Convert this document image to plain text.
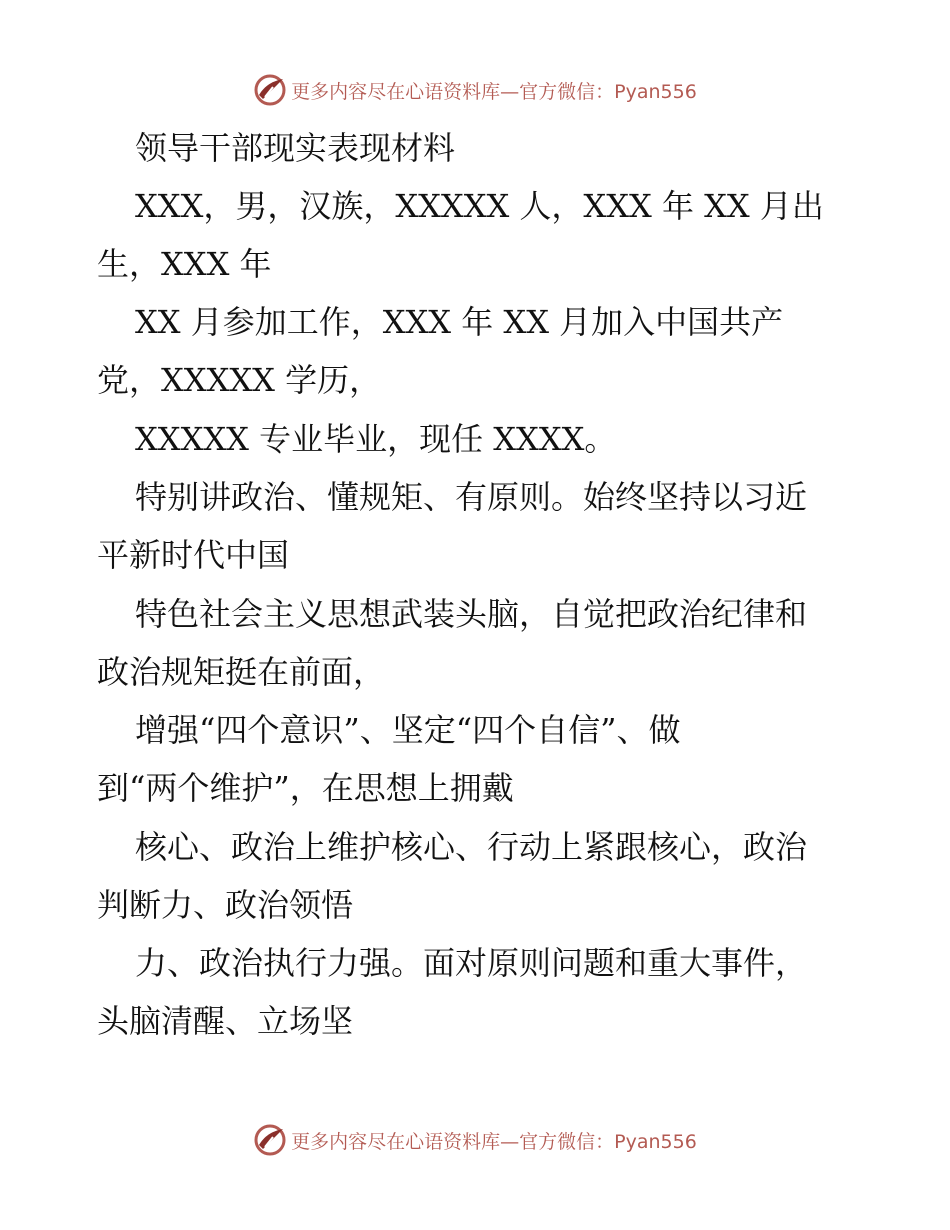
更多内容尽在心语资料库—官方微信：Pyan556
领导干部现实表现材料
XXX，男，汉族，XXXXX 人，XXX 年 XX 月出
生，XXX 年
XX 月参加工作，XXX 年 XX 月加入中国共产
党，XXXXX 学历，
XXXXX 专业毕业，现任 XXXX。
特别讲政治、懂规矩、有原则。始终坚持以习近
平新时代中国
特色社会主义思想武装头脑，自觉把政治纪律和
政治规矩挺在前面，
增强“四个意识”、坚定“四个自信”、做
到“两个维护”，在思想上拥戴
核心、政治上维护核心、行动上紧跟核心，政治
判断力、政治领悟
力、政治执行力强。面对原则问题和重大事件，
头脑清醒、立场坚
更多内容尽在心语资料库—官方微信：Pyan556
